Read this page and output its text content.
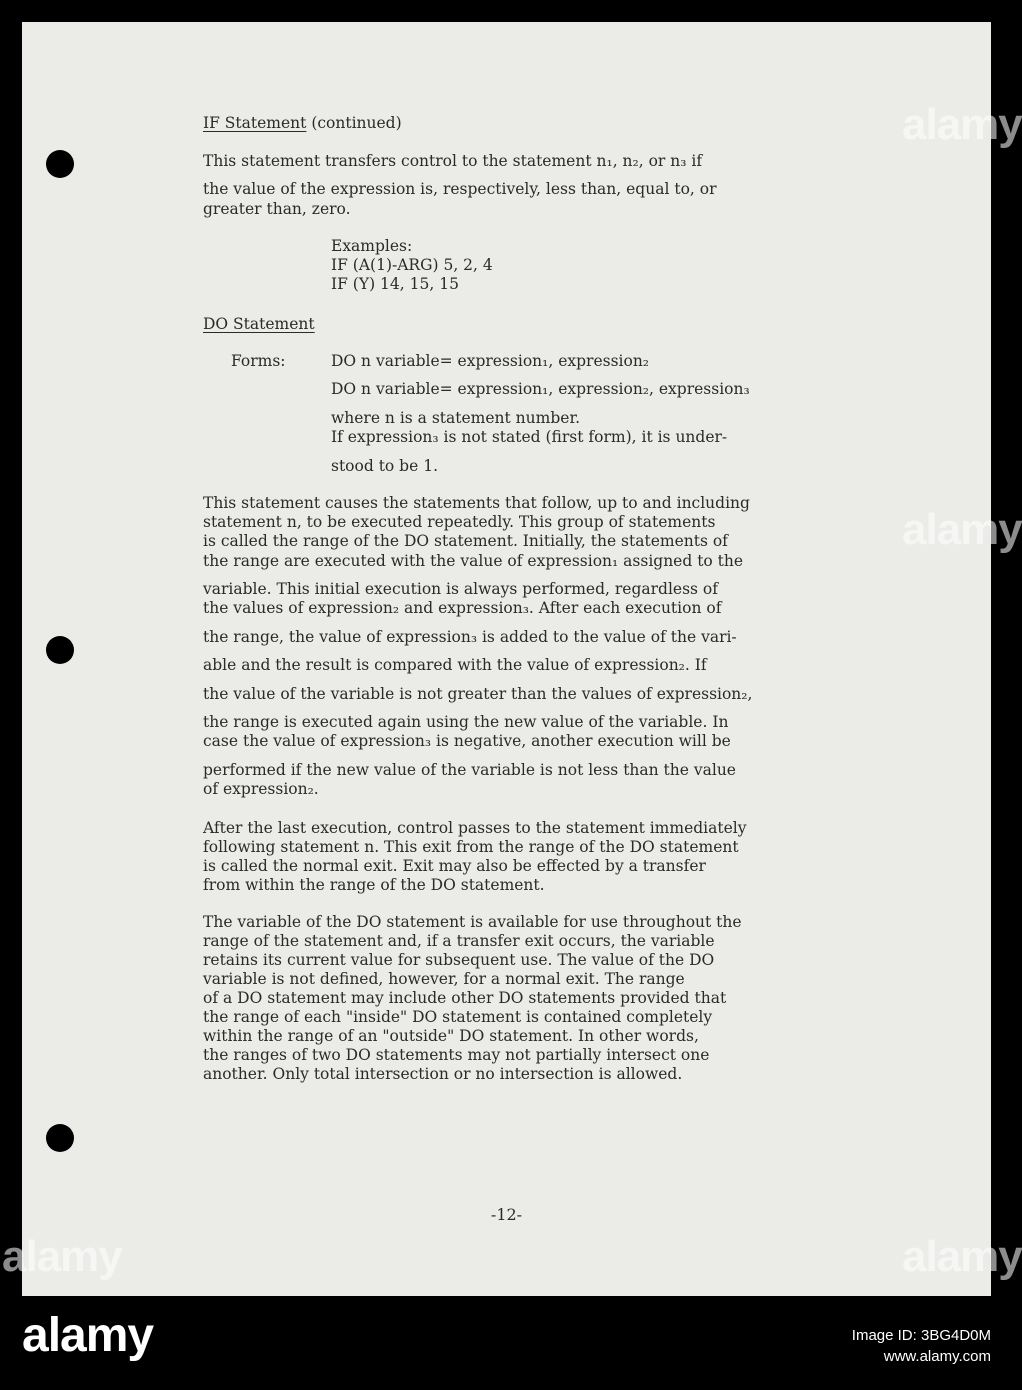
IF Statement (continued)

This statement transfers control to the statement n₁, n₂, or n₃ if

the value of the expression is, respectively, less than, equal to, or

greater than, zero.

Examples:

IF (A(1)-ARG) 5, 2, 4

IF (Y) 14, 15, 15

DO Statement

Forms:	DO n variable= expression₁, expression₂

DO n variable= expression₁, expression₂, expression₃

where n is a statement number.

If expression₃ is not stated (first form), it is under-

stood to be 1.

This statement causes the statements that follow, up to and including

statement n, to be executed repeatedly. This group of statements

is called the range of the DO statement. Initially, the statements of

the range are executed with the value of expression₁ assigned to the

variable. This initial execution is always performed, regardless of

the values of expression₂ and expression₃. After each execution of

the range, the value of expression₃ is added to the value of the vari-

able and the result is compared with the value of expression₂. If

the value of the variable is not greater than the values of expression₂,

the range is executed again using the new value of the variable. In

case the value of expression₃ is negative, another execution will be

performed if the new value of the variable is not less than the value

of expression₂.

After the last execution, control passes to the statement immediately

following statement n. This exit from the range of the DO statement

is called the normal exit. Exit may also be effected by a transfer

from within the range of the DO statement.

The variable of the DO statement is available for use throughout the

range of the statement and, if a transfer exit occurs, the variable

retains its current value for subsequent use. The value of the DO

variable is not defined, however, for a normal exit. The range

of a DO statement may include other DO statements provided that

the range of each "inside" DO statement is contained completely

within the range of an "outside" DO statement. In other words,

the ranges of two DO statements may not partially intersect one

another. Only total intersection or no intersection is allowed.

-12-
alamy
alamy
alamy	alamy
alamy	Image ID: 3BG4D0M
www.alamy.com
